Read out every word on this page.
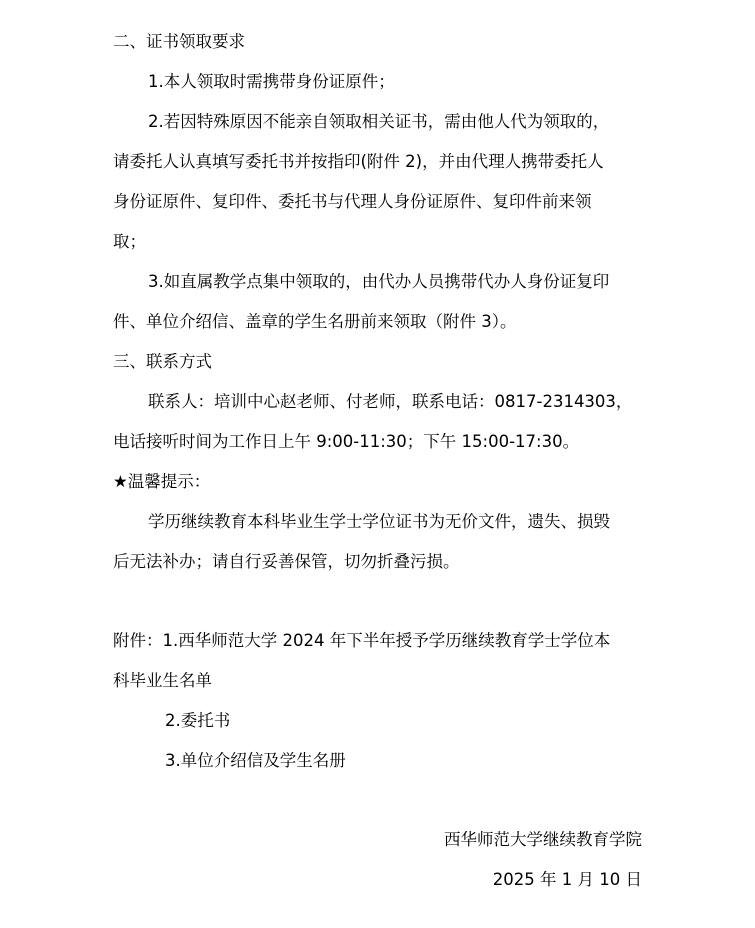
二、证书领取要求
1.本人领取时需携带身份证原件；
2.若因特殊原因不能亲自领取相关证书，需由他人代为领取的，
请委托人认真填写委托书并按指印(附件 2)，并由代理人携带委托人
身份证原件、复印件、委托书与代理人身份证原件、复印件前来领
取；
3.如直属教学点集中领取的，由代办人员携带代办人身份证复印
件、单位介绍信、盖章的学生名册前来领取（附件 3）。
三、联系方式
联系人：培训中心赵老师、付老师，联系电话：0817-2314303，
电话接听时间为工作日上午 9:00-11:30；下午 15:00-17:30。
★温馨提示：
学历继续教育本科毕业生学士学位证书为无价文件，遗失、损毁
后无法补办；请自行妥善保管，切勿折叠污损。
附件：1.西华师范大学 2024 年下半年授予学历继续教育学士学位本
科毕业生名单
2.委托书
3.单位介绍信及学生名册
西华师范大学继续教育学院
2025 年 1 月 10 日
